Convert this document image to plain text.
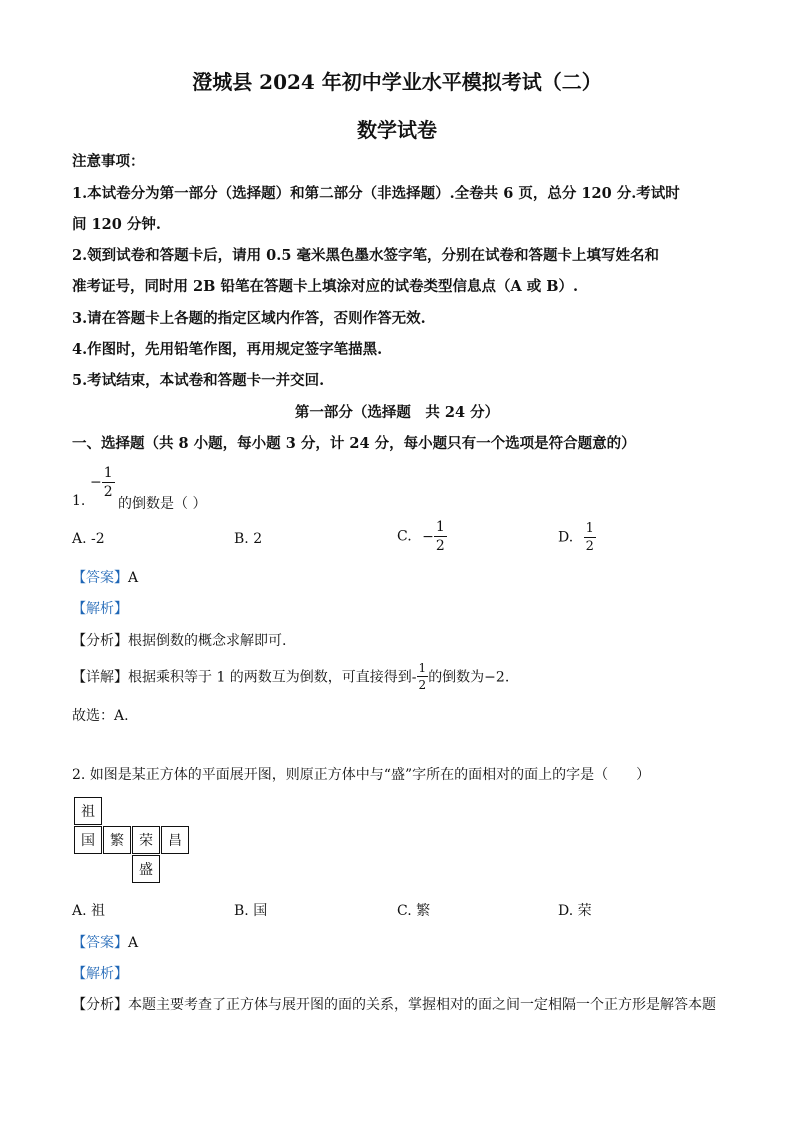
澄城县 2024 年初中学业水平模拟考试（二）
数学试卷
注意事项：
1.本试卷分为第一部分（选择题）和第二部分（非选择题）.全卷共 6 页，总分 120 分.考试时
间 120 分钟.
2.领到试卷和答题卡后，请用 0.5 毫米黑色墨水签字笔，分别在试卷和答题卡上填写姓名和
准考证号，同时用 2B 铅笔在答题卡上填涂对应的试卷类型信息点（A 或 B）.
3.请在答题卡上各题的指定区域内作答，否则作答无效.
4.作图时，先用铅笔作图，再用规定签字笔描黑.
5.考试结束，本试卷和答题卡一并交回.
第一部分（选择题　共 24 分）
一、选择题（共 8 小题，每小题 3 分，计 24 分，每小题只有一个选项是符合题意的）
− $\frac{1}{2}$
1. 的倒数是（ ）
A. -2	B. 2	C. − $\frac{1}{2}$	D. $\frac{1}{2}$
【答案】A
【解析】
【分析】根据倒数的概念求解即可.
【详解】根据乘积等于 1 的两数互为倒数，可直接得到- $\frac{1}{2}$ 的倒数为−2.
故选：A.
2. 如图是某正方体的平面展开图，则原正方体中与“盛”字所在的面相对的面上的字是（　　）
祖
国	繁	荣	昌
盛
A. 祖	B. 国	C. 繁	D. 荣
【答案】A
【解析】
【分析】本题主要考查了正方体与展开图的面的关系，掌握相对的面之间一定相隔一个正方形是解答本题
